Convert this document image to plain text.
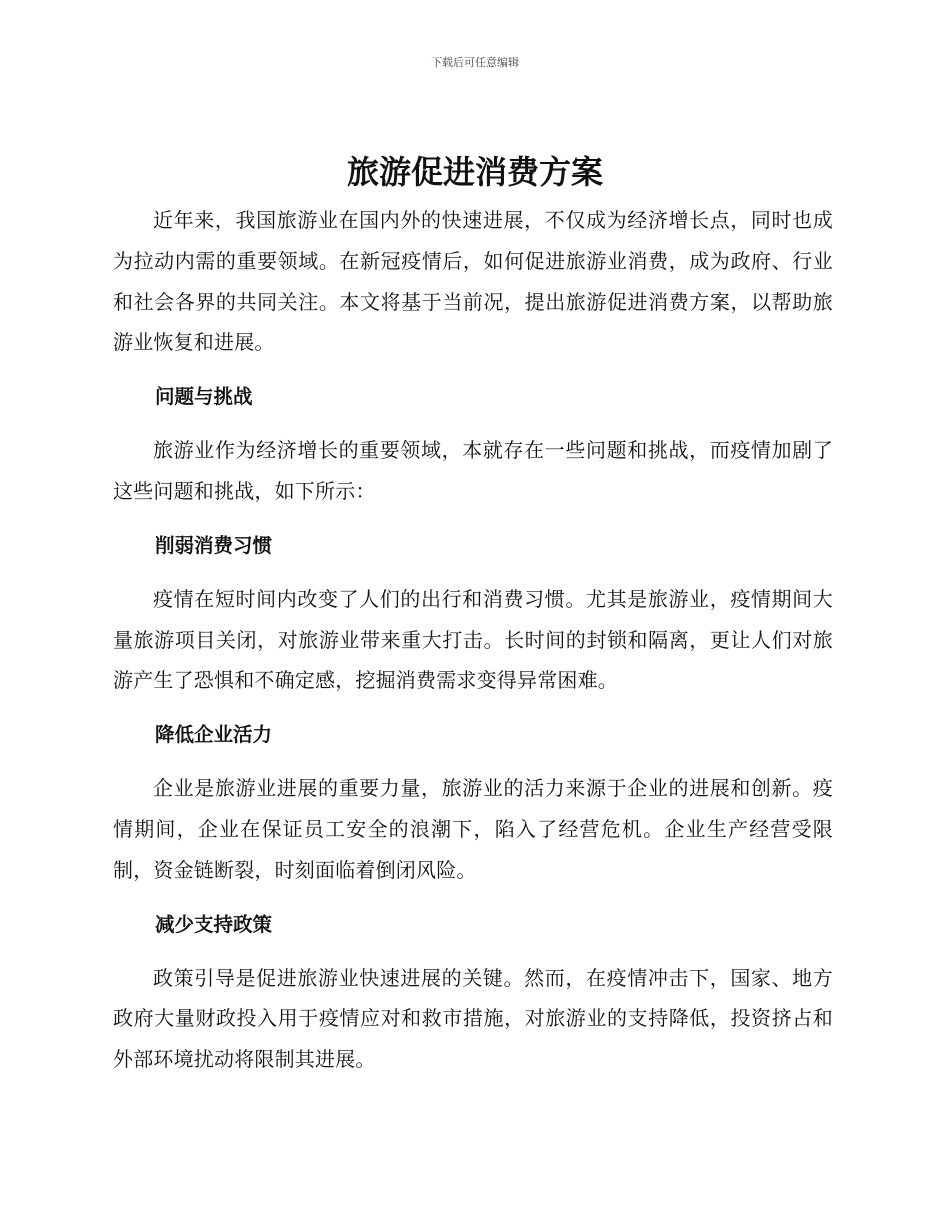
下载后可任意编辑
旅游促进消费方案

近年来，我国旅游业在国内外的快速进展，不仅成为经济增长点，同时也成为拉动内需的重要领域。在新冠疫情后，如何促进旅游业消费，成为政府、行业和社会各界的共同关注。本文将基于当前况，提出旅游促进消费方案，以帮助旅游业恢复和进展。

问题与挑战

旅游业作为经济增长的重要领域，本就存在一些问题和挑战，而疫情加剧了这些问题和挑战，如下所示：

削弱消费习惯

疫情在短时间内改变了人们的出行和消费习惯。尤其是旅游业，疫情期间大量旅游项目关闭，对旅游业带来重大打击。长时间的封锁和隔离，更让人们对旅游产生了恐惧和不确定感，挖掘消费需求变得异常困难。

降低企业活力

企业是旅游业进展的重要力量，旅游业的活力来源于企业的进展和创新。疫情期间，企业在保证员工安全的浪潮下，陷入了经营危机。企业生产经营受限制，资金链断裂，时刻面临着倒闭风险。

减少支持政策

政策引导是促进旅游业快速进展的关键。然而，在疫情冲击下，国家、地方政府大量财政投入用于疫情应对和救市措施，对旅游业的支持降低，投资挤占和外部环境扰动将限制其进展。
